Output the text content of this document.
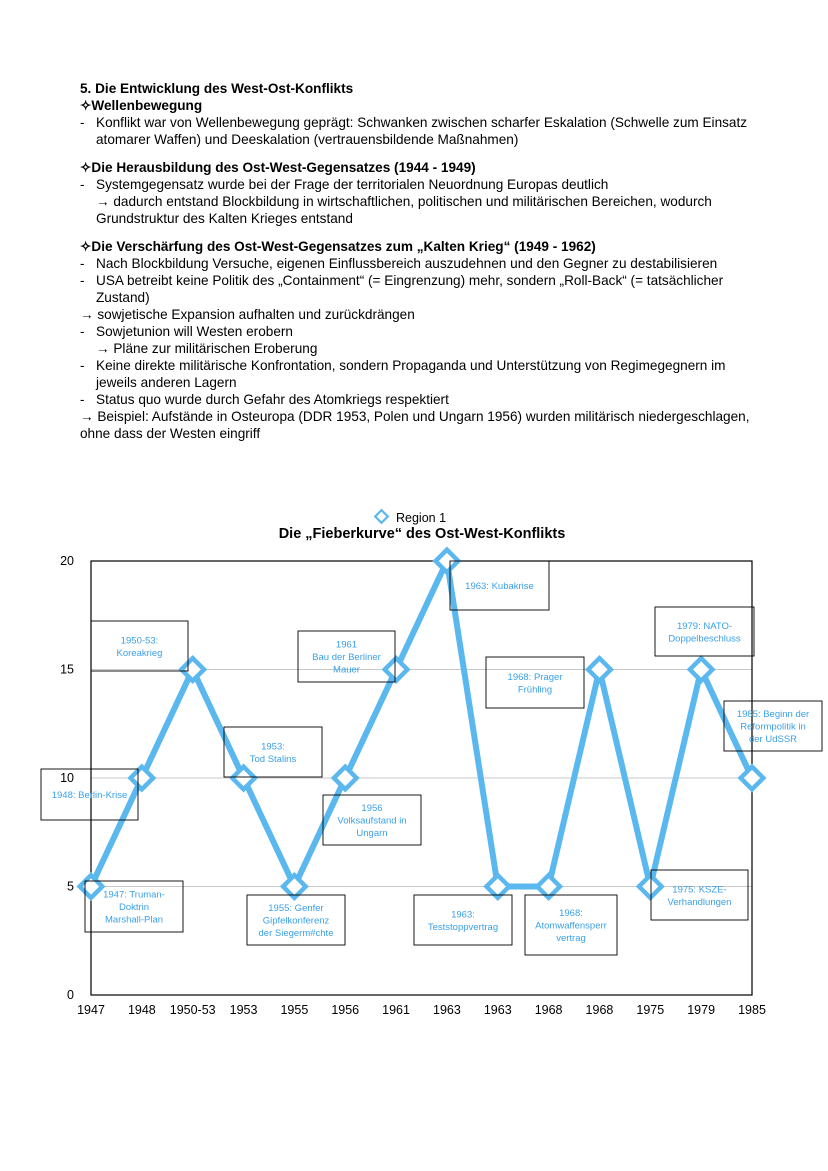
5. Die Entwicklung des West-Ost-Konflikts
✧Wellenbewegung
- Konflikt war von Wellenbewegung geprägt: Schwanken zwischen scharfer Eskalation (Schwelle zum Einsatz atomarer Waffen) und Deeskalation (vertrauensbildende Maßnahmen)
✧Die Herausbildung des Ost-West-Gegensatzes (1944 - 1949)
- Systemgegensatz wurde bei der Frage der territorialen Neuordnung Europas deutlich
→ dadurch entstand Blockbildung in wirtschaftlichen, politischen und militärischen Bereichen, wodurch Grundstruktur des Kalten Krieges entstand
✧Die Verschärfung des Ost-West-Gegensatzes zum „Kalten Krieg“ (1949 - 1962)
- Nach Blockbildung Versuche, eigenen Einflussbereich auszudehnen und den Gegner zu destabilisieren
- USA betreibt keine Politik des „Containment“ (= Eingrenzung) mehr, sondern „Roll-Back“ (= tatsächlicher Zustand)
→ sowjetische Expansion aufhalten und zurückdrängen
- Sowjetunion will Westen erobern
→ Pläne zur militärischen Eroberung
- Keine direkte militärische Konfrontation, sondern Propaganda und Unterstützung von Regimegegnern im jeweils anderen Lagern
- Status quo wurde durch Gefahr des Atomkriegs respektiert
→ Beispiel: Aufstände in Osteuropa (DDR 1953, Polen und Ungarn 1956) wurden militärisch niedergeschlagen, ohne dass der Westen eingriff
Region 1
Die „Fieberkurve“ des Ost-West-Konflikts
0
5
10
15
20
1947 1948 1950-53 1953 1955 1956 1961 1963 1963 1968 1968 1975 1979 1985
1948: Berlin-Krise
1947: Truman-
Doktrin
Marshall-Plan
1950-53:
Koreakrieg
1953:
Tod Stalins
1955: Genfer
Gipfelkonferenz
der Siegerm#chte
1961
Bau der Berliner
Mauer
1956
Volksaufstand in
Ungarn
1963: Kubakrise
1963:
Teststoppvertrag
1968: Prager
Frühling
1968:
Atomwaffensperr
vertrag
1979: NATO-
Doppelbeschluss
1975: KSZE-
Verhandlungen
1985: Beginn der
Reformpolitik in
der UdSSR
